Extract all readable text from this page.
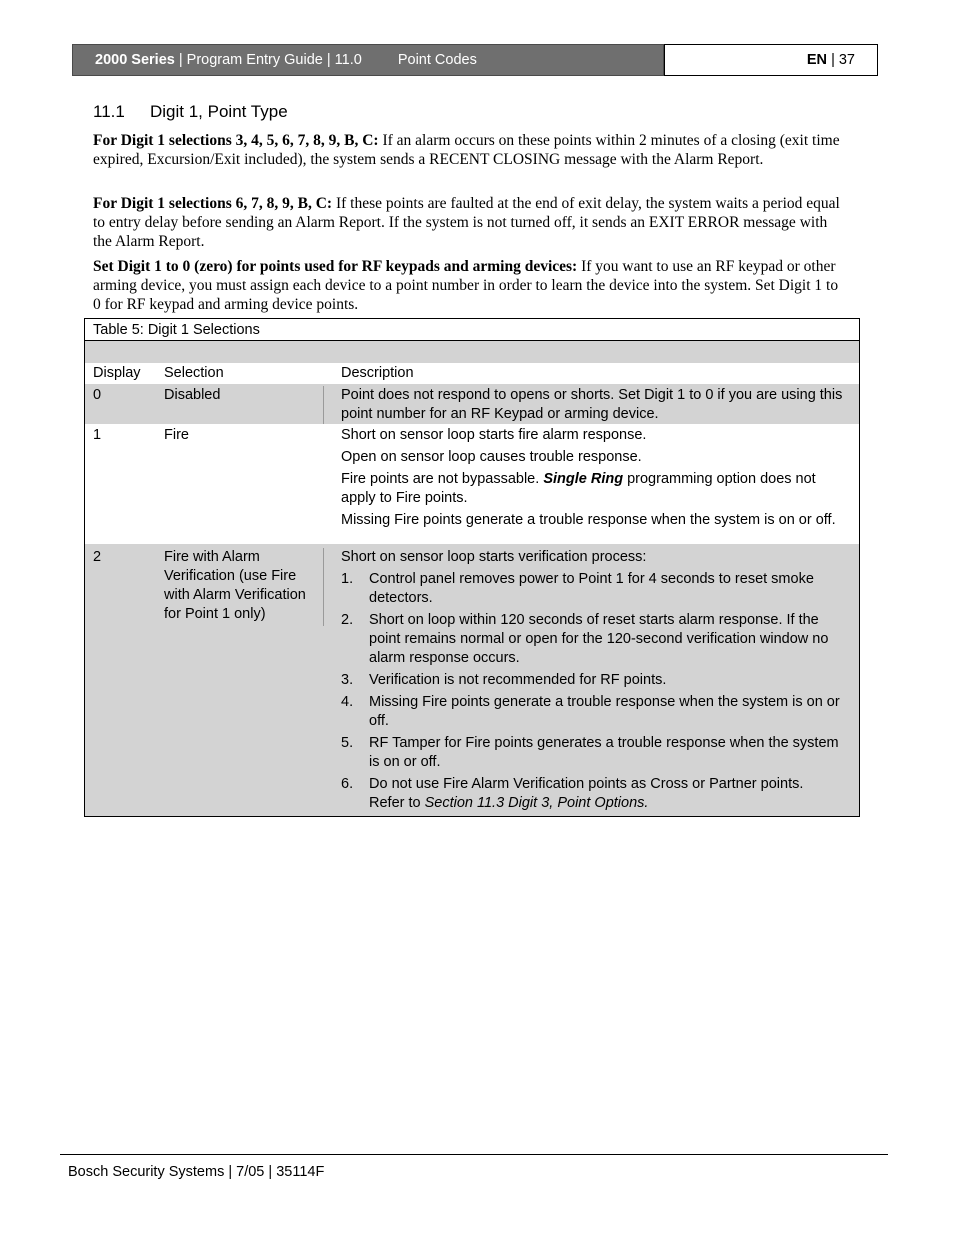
2000 Series | Program Entry Guide | 11.0 Point Codes	EN | 37
11.1 Digit 1, Point Type
For Digit 1 selections 3, 4, 5, 6, 7, 8, 9, B, C: If an alarm occurs on these points within 2 minutes of a closing (exit time expired, Excursion/Exit included), the system sends a RECENT CLOSING message with the Alarm Report.
For Digit 1 selections 6, 7, 8, 9, B, C: If these points are faulted at the end of exit delay, the system waits a period equal to entry delay before sending an Alarm Report. If the system is not turned off, it sends an EXIT ERROR message with the Alarm Report.
Set Digit 1 to 0 (zero) for points used for RF keypads and arming devices: If you want to use an RF keypad or other arming device, you must assign each device to a point number in order to learn the device into the system. Set Digit 1 to 0 for RF keypad and arming device points.
Table 5: Digit 1 Selections
Display	Selection	Description
0	Disabled	Point does not respond to opens or shorts. Set Digit 1 to 0 if you are using this point number for an RF Keypad or arming device.
1	Fire	Short on sensor loop starts fire alarm response.

Open on sensor loop causes trouble response.

Fire points are not bypassable. Single Ring programming option does not apply to Fire points.

Missing Fire points generate a trouble response when the system is on or off.

2	Fire with Alarm Verification (use Fire with Alarm Verification for Point 1 only)

Short on sensor loop starts verification process:

1.	Control panel removes power to Point 1 for 4 seconds to reset smoke detectors.
2.	Short on loop within 120 seconds of reset starts alarm response. If the point remains normal or open for the 120-second verification window no alarm response occurs.
3.	Verification is not recommended for RF points.
4.	Missing Fire points generate a trouble response when the system is on or off.
5.	RF Tamper for Fire points generates a trouble response when the system is on or off.
6.	Do not use Fire Alarm Verification points as Cross or Partner points.
Refer to Section 11.3 Digit 3, Point Options.
Bosch Security Systems | 7/05 | 35114F
